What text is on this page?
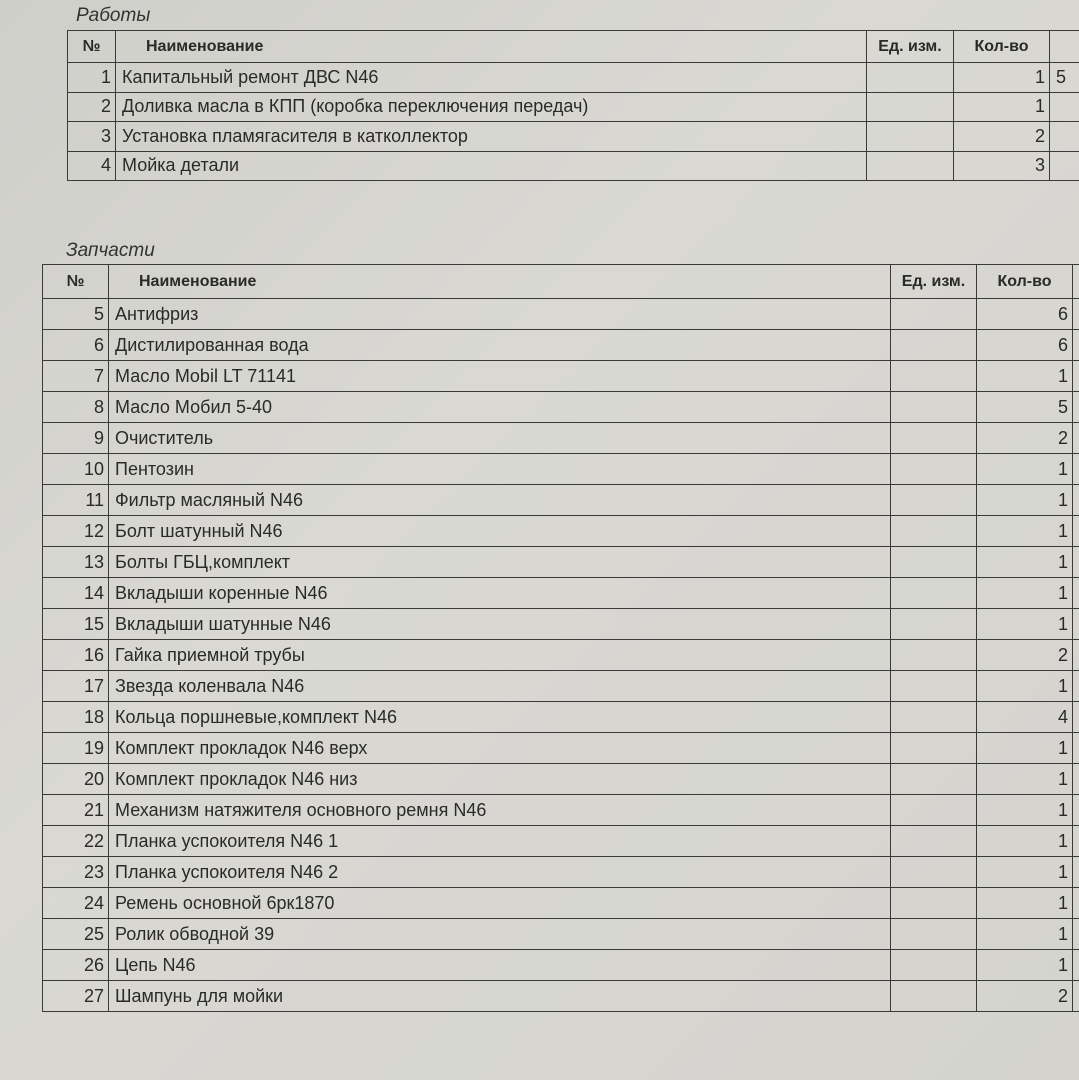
Работы
№	Наименование	Ед. изм.	Кол-во	
1	Капитальный ремонт ДВС N46		1	5
2	Доливка масла в КПП (коробка переключения передач)		1	
3	Установка пламягасителя в катколлектор		2	
4	Мойка детали		3	
Запчасти
№	Наименование	Ед. изм.	Кол-во	
5	Антифриз		6	
6	Дистилированная вода		6	
7	Масло Mobil LT 71141		1	
8	Масло Мобил 5-40		5	
9	Очиститель		2	
10	Пентозин		1	
11	Фильтр масляный N46		1	
12	Болт шатунный N46		1	
13	Болты ГБЦ,комплект		1	
14	Вкладыши коренные N46		1	
15	Вкладыши шатунные N46		1	
16	Гайка приемной трубы		2	
17	Звезда коленвала N46		1	
18	Кольца поршневые,комплект N46		4	
19	Комплект прокладок N46 верх		1	
20	Комплект прокладок N46 низ		1	
21	Механизм натяжителя основного ремня N46		1	
22	Планка успокоителя N46 1		1	
23	Планка успокоителя N46 2		1	
24	Ремень основной 6рк1870		1	
25	Ролик обводной 39		1	
26	Цепь N46		1	
27	Шампунь для мойки		2	
